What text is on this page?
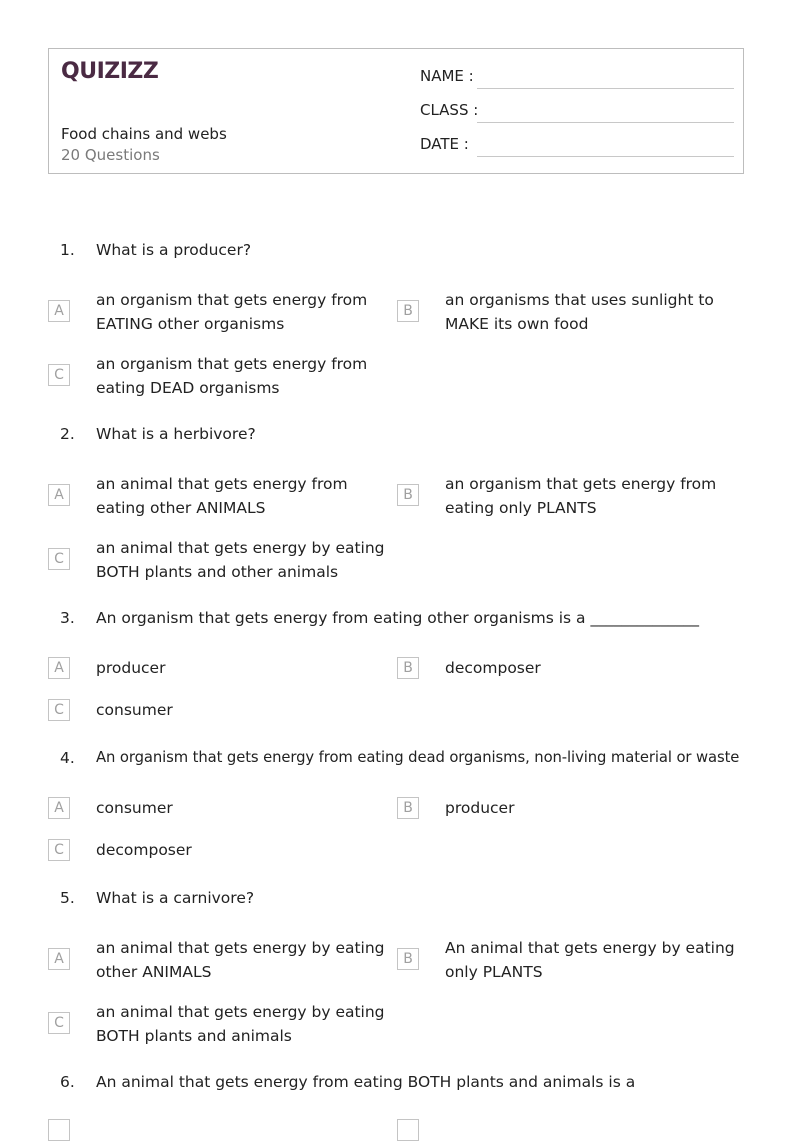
QUIZIZZ
Food chains and webs
20 Questions
NAME :
CLASS :
DATE :
1. What is a producer?
A
an organism that gets energy from EATING other organisms
B
an organisms that uses sunlight to MAKE its own food
C
an organism that gets energy from eating DEAD organisms
2. What is a herbivore?
A
an animal that gets energy from eating other ANIMALS
B
an organism that gets energy from eating only PLANTS
C
an animal that gets energy by eating BOTH plants and other animals
3. An organism that gets energy from eating other organisms is a ______________
A	producer	B	decomposer
C	consumer
4. An organism that gets energy from eating dead organisms, non-living material or waste
A	consumer	B	producer
C	decomposer
5. What is a carnivore?
A
an animal that gets energy by eating other ANIMALS
B
An animal that gets energy by eating only PLANTS
C
an animal that gets energy by eating BOTH plants and animals
6. An animal that gets energy from eating BOTH plants and animals is a
